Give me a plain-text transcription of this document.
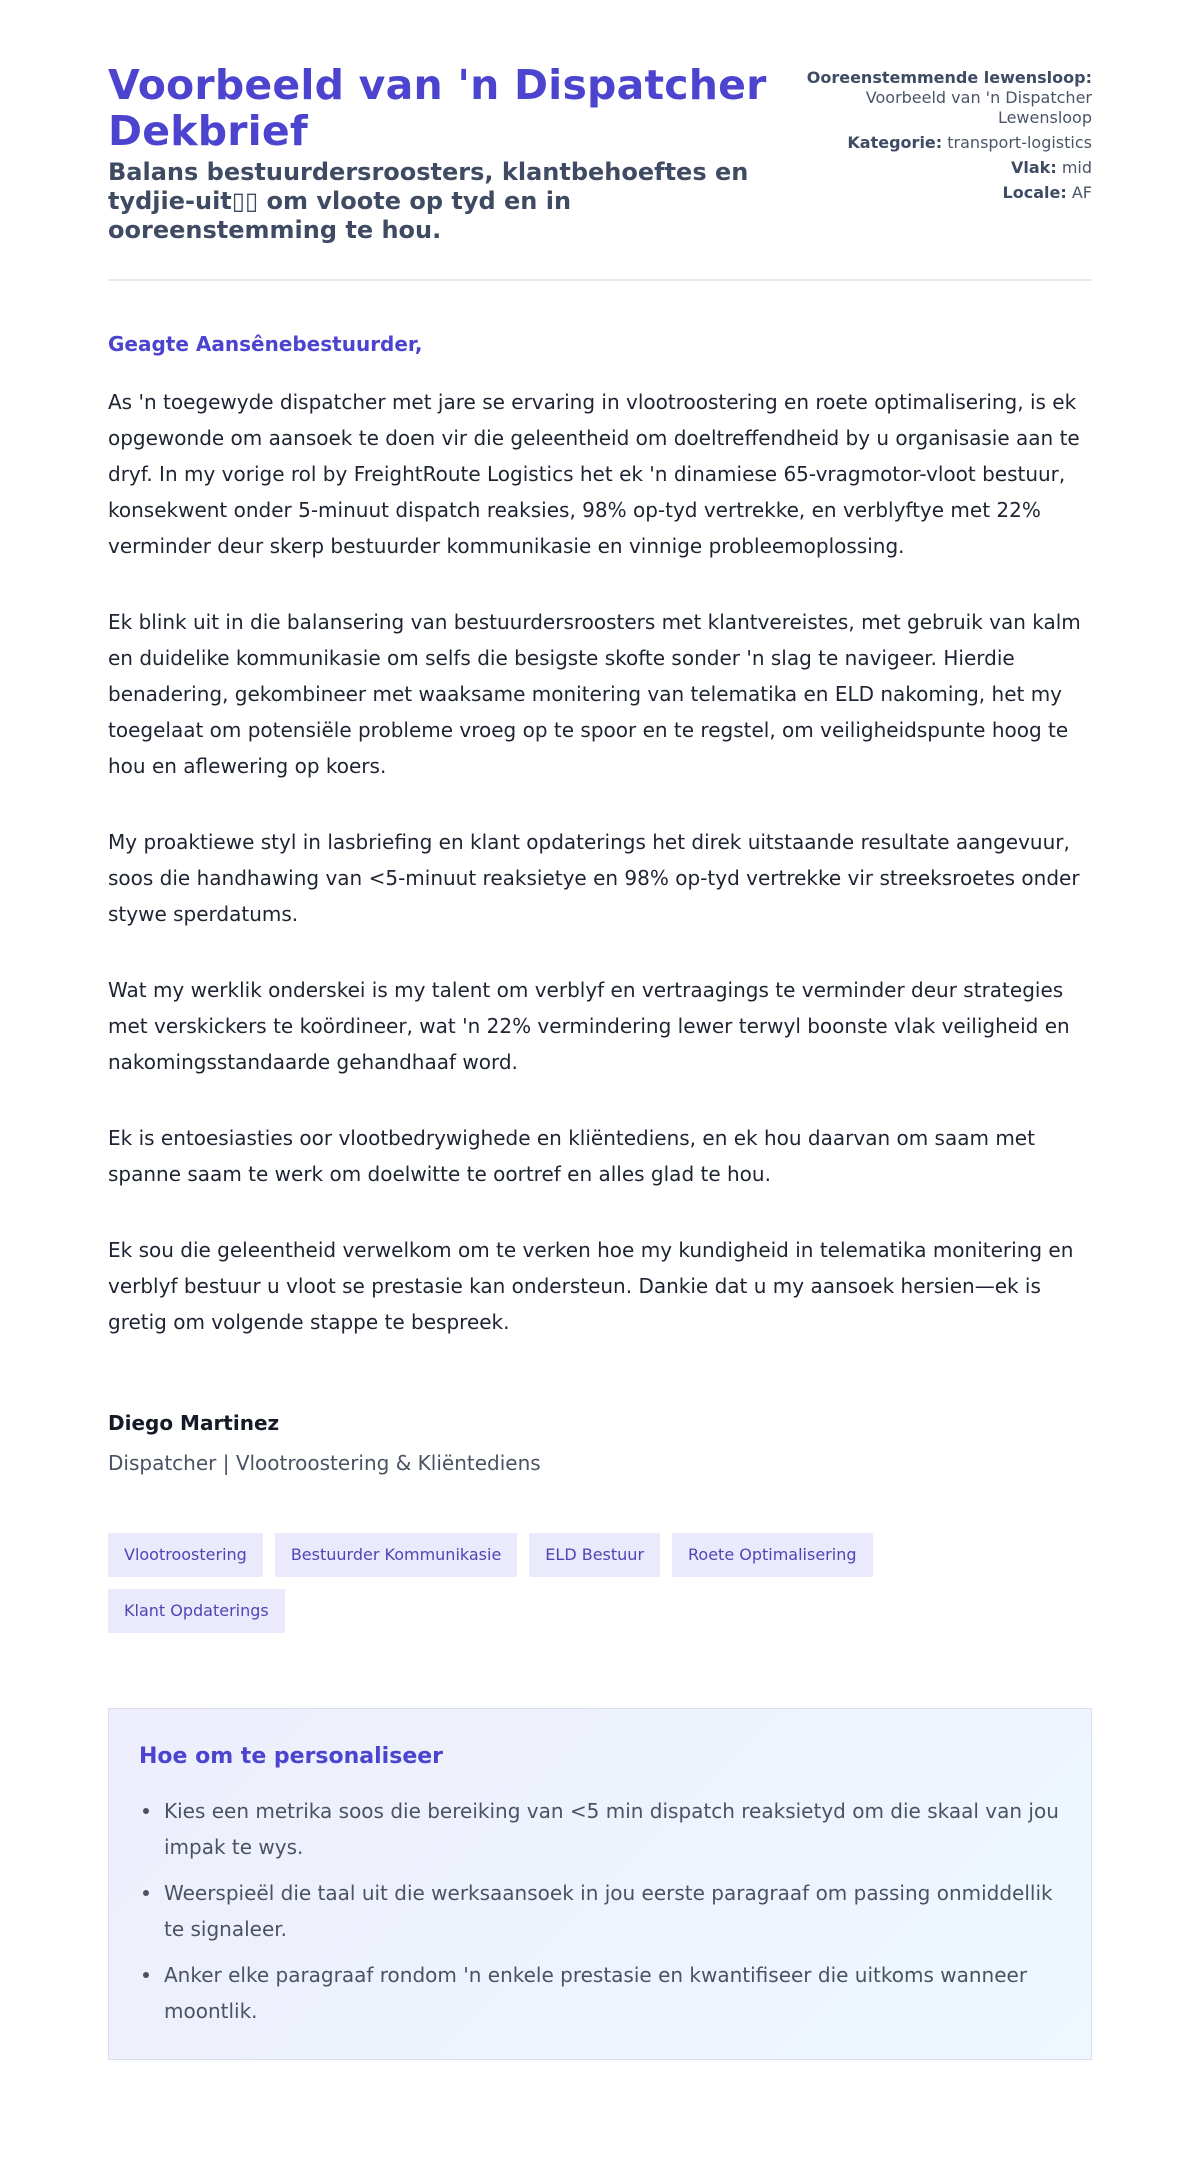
Voorbeeld van 'n Dispatcher Dekbrief
Balans bestuurdersroosters, klantbehoeftes en tydjie-uit▯▯ om vloote op tyd en in ooreenstemming te hou.
Ooreenstemmende lewensloop: Voorbeeld van 'n Dispatcher Lewensloop
Kategorie: transport-logistics
Vlak: mid
Locale: AF

Geagte Aansênebestuurder,

As 'n toegewyde dispatcher met jare se ervaring in vlootroostering en roete optimalisering, is ek opgewonde om aansoek te doen vir die geleentheid om doeltreffendheid by u organisasie aan te dryf. In my vorige rol by FreightRoute Logistics het ek 'n dinamiese 65-vragmotor-vloot bestuur, konsekwent onder 5-minuut dispatch reaksies, 98% op-tyd vertrekke, en verblyftye met 22% verminder deur skerp bestuurder kommunikasie en vinnige probleemoplossing.

Ek blink uit in die balansering van bestuurdersroosters met klantvereistes, met gebruik van kalm en duidelike kommunikasie om selfs die besigste skofte sonder 'n slag te navigeer. Hierdie benadering, gekombineer met waaksame monitering van telematika en ELD nakoming, het my toegelaat om potensiële probleme vroeg op te spoor en te regstel, om veiligheidspunte hoog te hou en aflewering op koers.

My proaktiewe styl in lasbriefing en klant opdaterings het direk uitstaande resultate aangevuur, soos die handhawing van <5-minuut reaksietye en 98% op-tyd vertrekke vir streeksroetes onder stywe sperdatums.

Wat my werklik onderskei is my talent om verblyf en vertraagings te verminder deur strategies met verskickers te koördineer, wat 'n 22% vermindering lewer terwyl boonste vlak veiligheid en nakomingsstandaarde gehandhaaf word.

Ek is entoesiasties oor vlootbedrywighede en kliëntediens, en ek hou daarvan om saam met spanne saam te werk om doelwitte te oortref en alles glad te hou.

Ek sou die geleentheid verwelkom om te verken hoe my kundigheid in telematika monitering en verblyf bestuur u vloot se prestasie kan ondersteun. Dankie dat u my aansoek hersien—ek is gretig om volgende stappe te bespreek.

Diego Martinez
Dispatcher | Vlootroostering & Kliëntediens
Vlootroostering	Bestuurder Kommunikasie	ELD Bestuur	Roete Optimalisering
Klant Opdaterings
Hoe om te personaliseer
Kies een metrika soos die bereiking van <5 min dispatch reaksietyd om die skaal van jou impak te wys.
Weerspieël die taal uit die werksaansoek in jou eerste paragraaf om passing onmiddellik te signaleer.
Anker elke paragraaf rondom 'n enkele prestasie en kwantifiseer die uitkoms wanneer moontlik.
